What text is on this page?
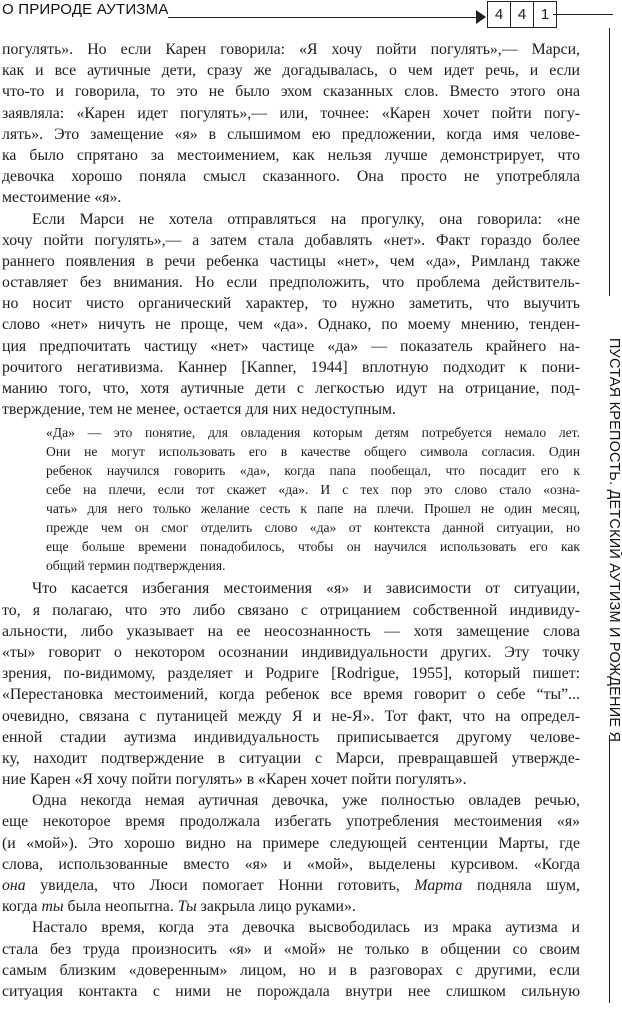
О ПРИРОДЕ АУТИЗМА	4 4 1
ПУСТАЯ КРЕПОСТЬ. ДЕТСКИЙ АУТИЗМ И РОЖДЕНИЕ Я
погулять». Но если Карен говорила: «Я хочу пойти погулять»,— Марси,
как и все аутичные дети, сразу же догадывалась, о чем идет речь, и если
что-то и говорила, то это не было эхом сказанных слов. Вместо этого она
заявляла: «Карен идет погулять»,— или, точнее: «Карен хочет пойти погу-
лять». Это замещение «я» в слышимом ею предложении, когда имя челове-
ка было спрятано за местоимением, как нельзя лучше демонстрирует, что
девочка хорошо поняла смысл сказанного. Она просто не употребляла
местоимение «я».
Если Марси не хотела отправляться на прогулку, она говорила: «не
хочу пойти погулять»,— а затем стала добавлять «нет». Факт гораздо более
раннего появления в речи ребенка частицы «нет», чем «да», Римланд также
оставляет без внимания. Но если предположить, что проблема действитель-
но носит чисто органический характер, то нужно заметить, что выучить
слово «нет» ничуть не проще, чем «да». Однако, по моему мнению, тенден-
ция предпочитать частицу «нет» частице «да» — показатель крайнего на-
рочитого негативизма. Каннер [Kanner, 1944] вплотную подходит к пони-
манию того, что, хотя аутичные дети с легкостью идут на отрицание, под-
тверждение, тем не менее, остается для них недоступным.
«Да» — это понятие, для овладения которым детям потребуется немало лет.
Они не могут использовать его в качестве общего символа согласия. Один
ребенок научился говорить «да», когда папа пообещал, что посадит его к
себе на плечи, если тот скажет «да». И с тех пор это слово стало «озна-
чать» для него только желание сесть к папе на плечи. Прошел не один месяц,
прежде чем он смог отделить слово «да» от контекста данной ситуации, но
еще больше времени понадобилось, чтобы он научился использовать его как
общий термин подтверждения.
Что касается избегания местоимения «я» и зависимости от ситуации,
то, я полагаю, что это либо связано с отрицанием собственной индивиду-
альности, либо указывает на ее неосознанность — хотя замещение слова
«ты» говорит о некотором осознании индивидуальности других. Эту точку
зрения, по-видимому, разделяет и Родриге [Rodrigue, 1955], который пишет:
«Перестановка местоимений, когда ребенок все время говорит о себе “ты”...
очевидно, связана с путаницей между Я и не-Я». Тот факт, что на определ-
енной стадии аутизма индивидуальность приписывается другому челове-
ку, находит подтверждение в ситуации с Марси, превращавшей утвержде-
ние Карен «Я хочу пойти погулять» в «Карен хочет пойти погулять».
Одна некогда немая аутичная девочка, уже полностью овладев речью,
еще некоторое время продолжала избегать употребления местоимения «я»
(и «мой»). Это хорошо видно на примере следующей сентенции Марты, где
слова, использованные вместо «я» и «мой», выделены курсивом. «Когда
она увидела, что Люси помогает Нонни готовить, Марта подняла шум,
когда ты была неопытна. Ты закрыла лицо руками».
Настало время, когда эта девочка высвободилась из мрака аутизма и
стала без труда произносить «я» и «мой» не только в общении со своим
самым близким «доверенным» лицом, но и в разговорах с другими, если
ситуация контакта с ними не порождала внутри нее слишком сильную
